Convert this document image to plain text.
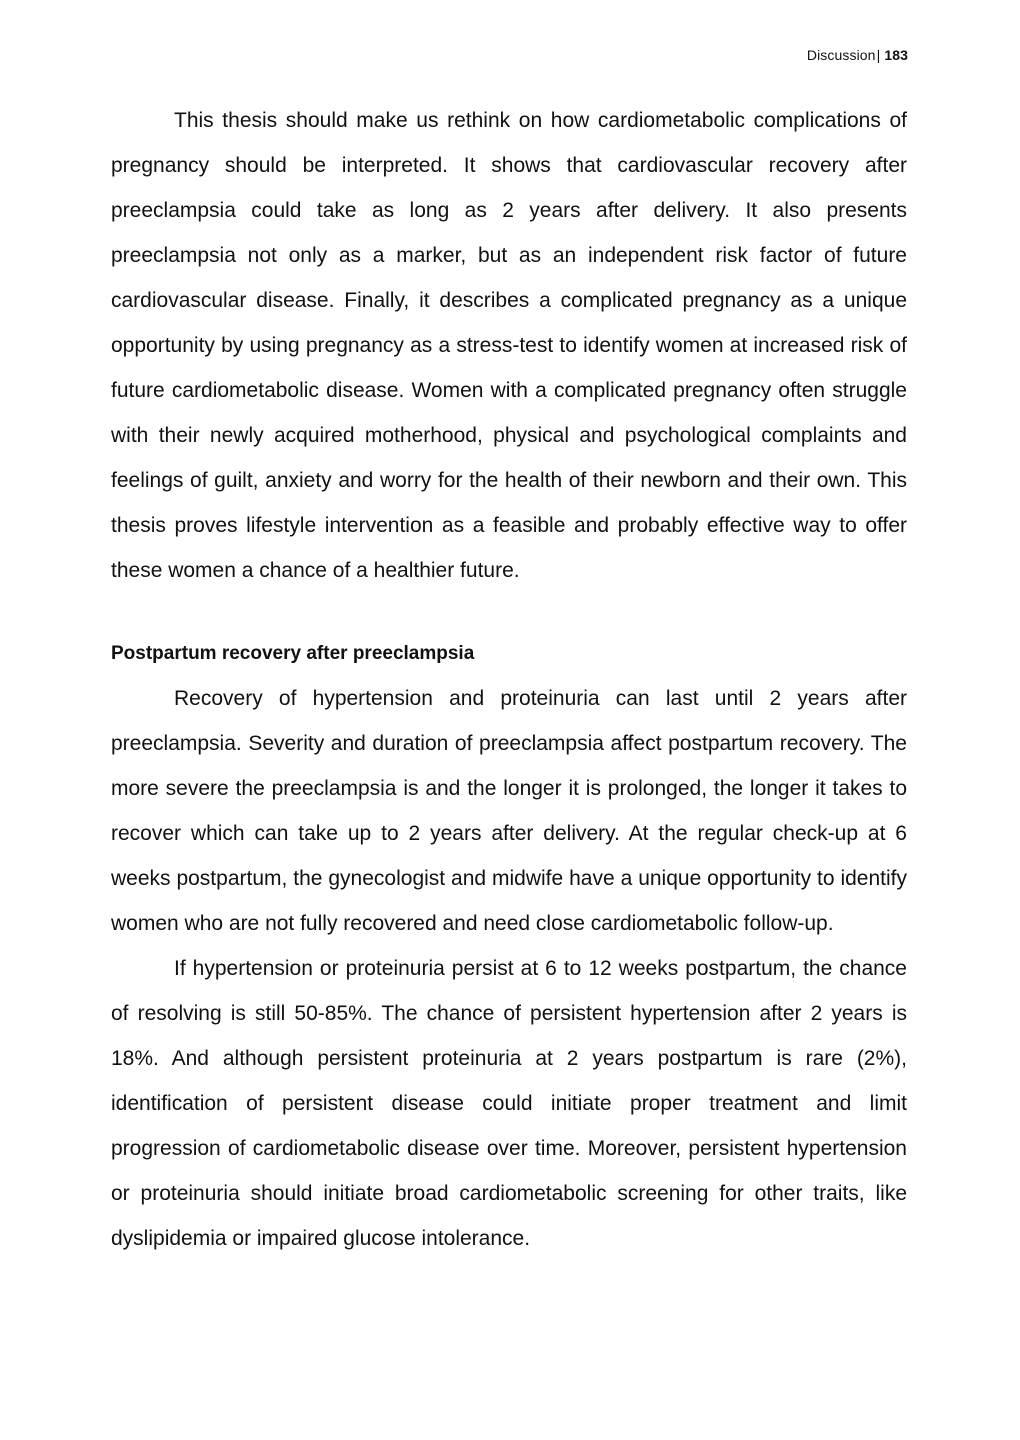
Discussion| 183

This thesis should make us rethink on how cardiometabolic complications of pregnancy should be interpreted. It shows that cardiovascular recovery after preeclampsia could take as long as 2 years after delivery. It also presents preeclampsia not only as a marker, but as an independent risk factor of future cardiovascular disease. Finally, it describes a complicated pregnancy as a unique opportunity by using pregnancy as a stress-test to identify women at increased risk of future cardiometabolic disease. Women with a complicated pregnancy often struggle with their newly acquired motherhood, physical and psychological complaints and feelings of guilt, anxiety and worry for the health of their newborn and their own. This thesis proves lifestyle intervention as a feasible and probably effective way to offer these women a chance of a healthier future.

Postpartum recovery after preeclampsia

Recovery of hypertension and proteinuria can last until 2 years after preeclampsia. Severity and duration of preeclampsia affect postpartum recovery. The more severe the preeclampsia is and the longer it is prolonged, the longer it takes to recover which can take up to 2 years after delivery. At the regular check-up at 6 weeks postpartum, the gynecologist and midwife have a unique opportunity to identify women who are not fully recovered and need close cardiometabolic follow-up.

If hypertension or proteinuria persist at 6 to 12 weeks postpartum, the chance of resolving is still 50-85%. The chance of persistent hypertension after 2 years is 18%. And although persistent proteinuria at 2 years postpartum is rare (2%), identification of persistent disease could initiate proper treatment and limit progression of cardiometabolic disease over time. Moreover, persistent hypertension or proteinuria should initiate broad cardiometabolic screening for other traits, like dyslipidemia or impaired glucose intolerance.
